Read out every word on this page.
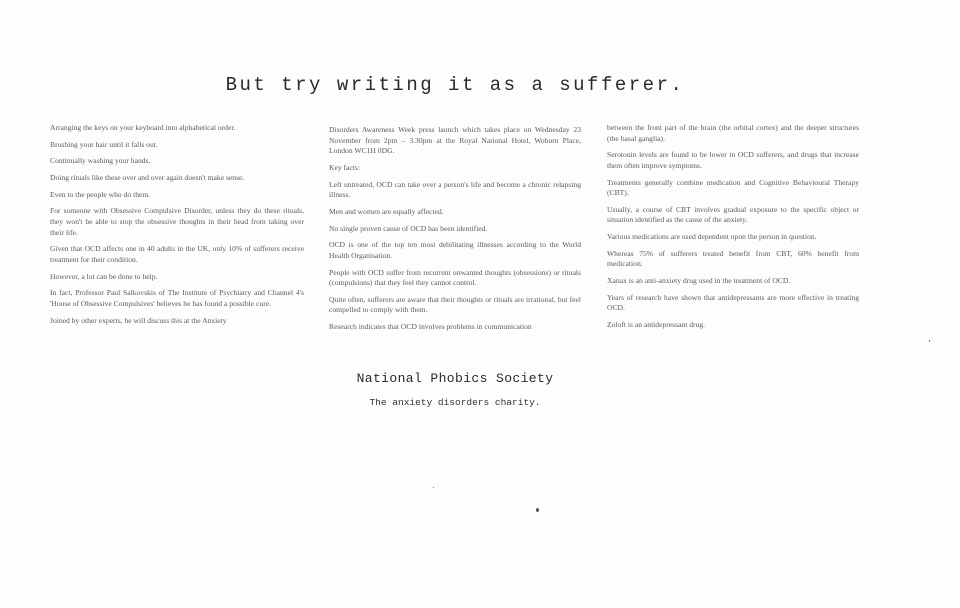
But try writing it as a sufferer.

Arranging the keys on your keyboard into alphabetical order.

Brushing your hair until it falls out.

Continually washing your hands.

Doing rituals like these over and over again doesn't make sense.

Even to the people who do them.

For someone with Obsessive Compulsive Disorder, unless they do these rituals, they won't be able to stop the obsessive thoughts in their head from taking over their life.

Given that OCD affects one in 40 adults in the UK, only 10% of sufferers receive treatment for their condition.

However, a lot can be done to help.

In fact, Professor Paul Salkovskis of The Institute of Psychiatry and Channel 4's 'House of Obsessive Compulsives' believes he has found a possible cure.

Joined by other experts, he will discuss this at the Anxiety

Disorders Awareness Week press launch which takes place on Wednesday 23 November from 2pm – 3.30pm at the Royal National Hotel, Woburn Place, London WC1H 0DG.

Key facts:

Left untreated, OCD can take over a person's life and become a chronic relapsing illness.

Men and women are equally affected.

No single proven cause of OCD has been identified.

OCD is one of the top ten most debilitating illnesses according to the World Health Organisation.

People with OCD suffer from recurrent unwanted thoughts (obsessions) or rituals (compulsions) that they feel they cannot control.

Quite often, sufferers are aware that their thoughts or rituals are irrational, but feel compelled to comply with them.

Research indicates that OCD involves problems in communication

between the front part of the brain (the orbital cortex) and the deeper structures (the basal ganglia).

Serotonin levels are found to be lower in OCD sufferers, and drugs that increase them often improve symptoms.

Treatments generally combine medication and Cognitive Behavioural Therapy (CBT).

Usually, a course of CBT involves gradual exposure to the specific object or situation identified as the cause of the anxiety.

Various medications are used dependent upon the person in question.

Whereas 75% of sufferers treated benefit from CBT, 60% benefit from medication.

Xanax is an anti-anxiety drug used in the treatment of OCD.

Years of research have shown that antidepressants are more effective in treating OCD.

Zoloft is an antidepressant drug.

National Phobics Society
The anxiety disorders charity.
